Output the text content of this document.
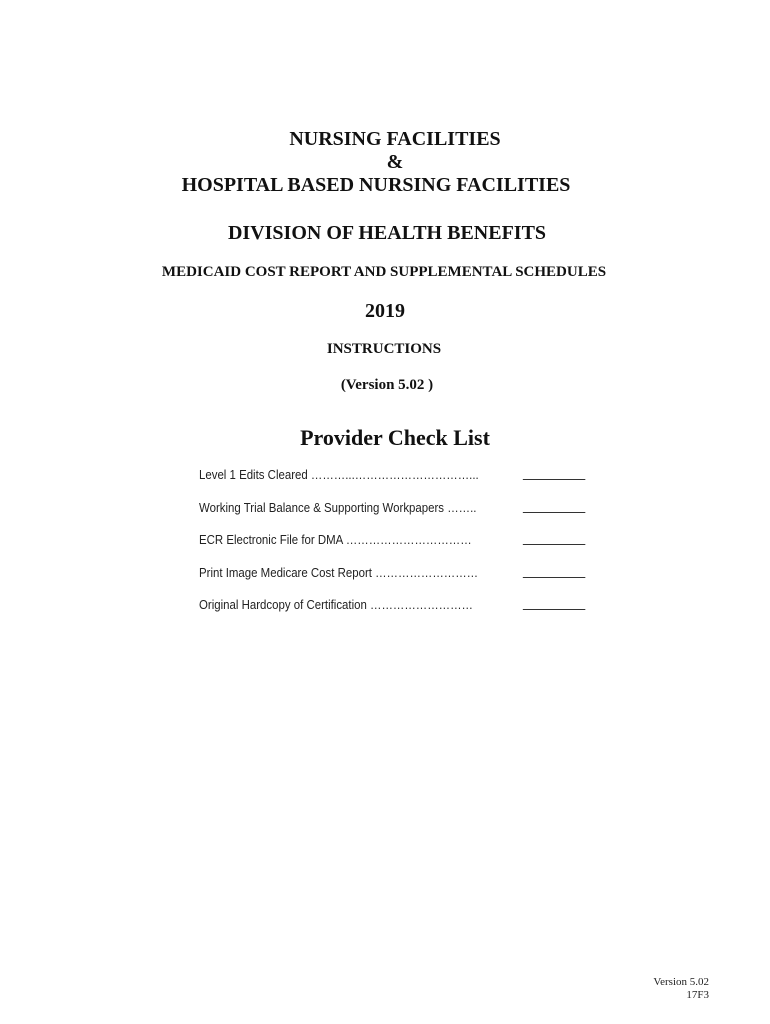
NURSING FACILITIES
&
HOSPITAL BASED NURSING FACILITIES
DIVISION OF HEALTH BENEFITS
MEDICAID COST REPORT AND SUPPLEMENTAL SCHEDULES
2019
INSTRUCTIONS
(Version 5.02 )
Provider Check List
Level 1 Edits Cleared ………...…………………………...
Working Trial Balance & Supporting Workpapers ……..
ECR Electronic File for DMA ……………………………
Print Image Medicare Cost Report ………………………
Original Hardcopy of Certification ………………………
Version 5.02
17F3
